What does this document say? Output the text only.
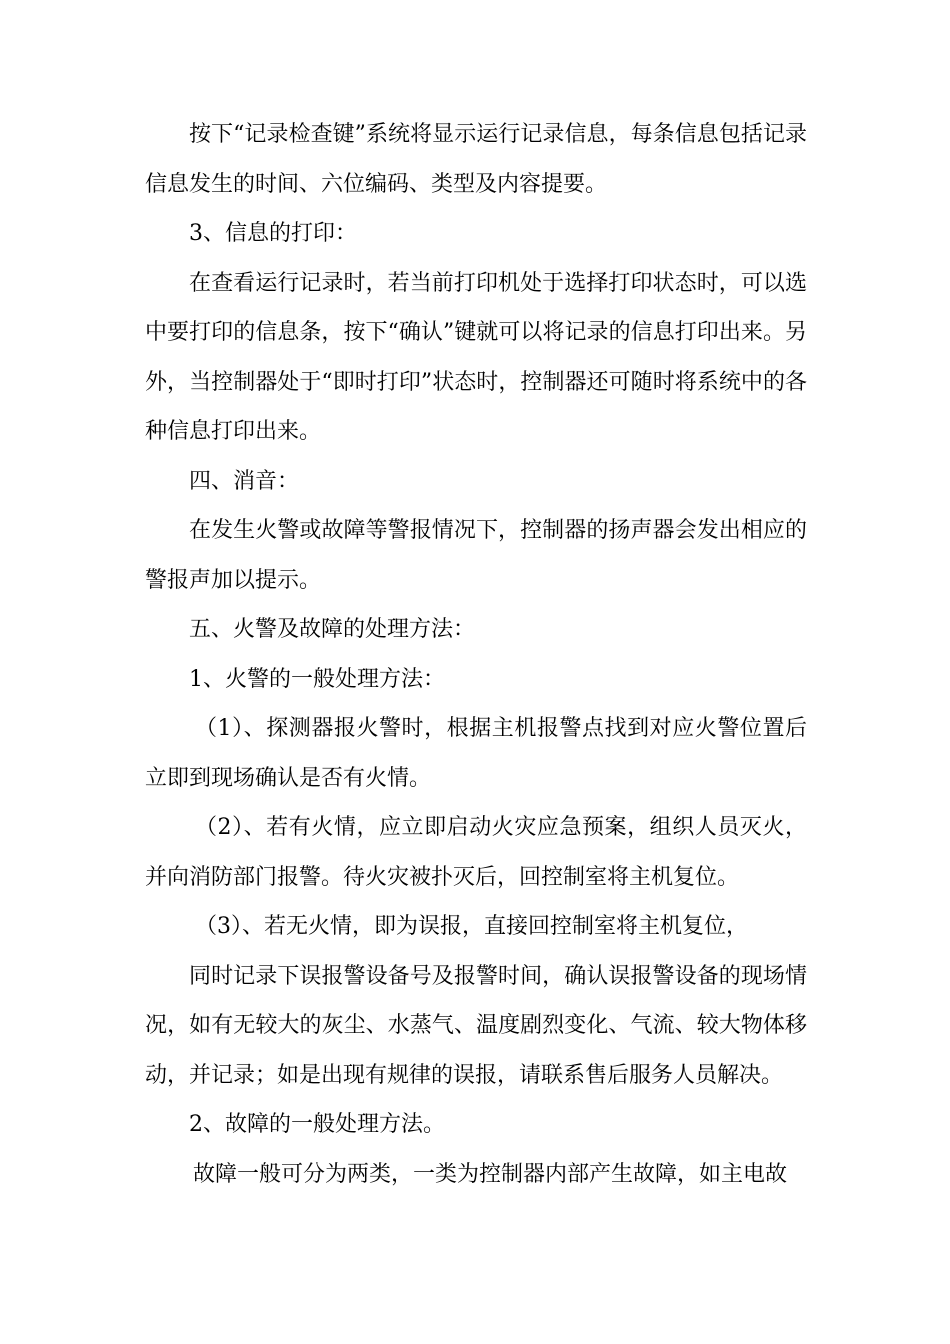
按下“记录检查键”系统将显示运行记录信息，每条信息包括记录信息发生的时间、六位编码、类型及内容提要。

3、信息的打印：

在查看运行记录时，若当前打印机处于选择打印状态时，可以选中要打印的信息条，按下“确认”键就可以将记录的信息打印出来。另外，当控制器处于“即时打印”状态时，控制器还可随时将系统中的各种信息打印出来。

四、消音：

在发生火警或故障等警报情况下，控制器的扬声器会发出相应的警报声加以提示。

五、火警及故障的处理方法：

1、火警的一般处理方法：

（1）、探测器报火警时，根据主机报警点找到对应火警位置后立即到现场确认是否有火情。

（2）、若有火情，应立即启动火灾应急预案，组织人员灭火，并向消防部门报警。待火灾被扑灭后，回控制室将主机复位。

（3）、若无火情，即为误报，直接回控制室将主机复位，

同时记录下误报警设备号及报警时间，确认误报警设备的现场情况，如有无较大的灰尘、水蒸气、温度剧烈变化、气流、较大物体移动，并记录；如是出现有规律的误报，请联系售后服务人员解决。

2、故障的一般处理方法。

故障一般可分为两类，一类为控制器内部产生故障，如主电故
